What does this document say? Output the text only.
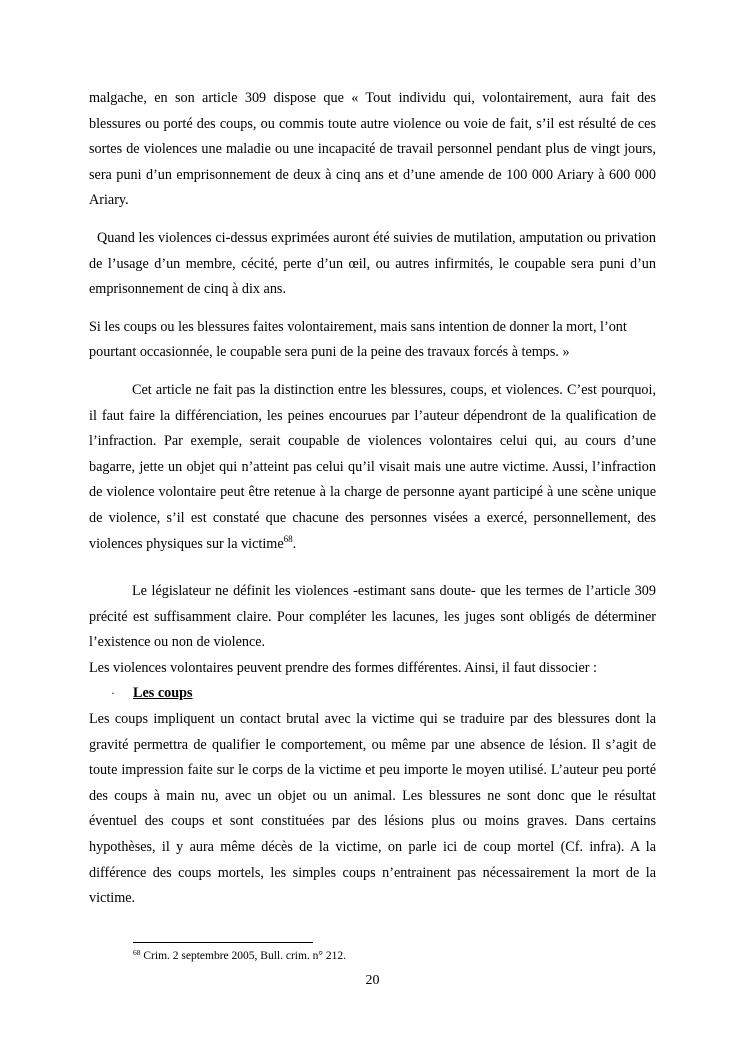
malgache, en son article 309 dispose que « Tout individu qui, volontairement, aura fait des blessures ou porté des coups, ou commis toute autre violence ou voie de fait, s’il est résulté de ces sortes de violences une maladie ou une incapacité de travail personnel pendant plus de vingt jours, sera puni d’un emprisonnement de deux à cinq ans et d’une amende de 100 000 Ariary à 600 000 Ariary.

Quand les violences ci-dessus exprimées auront été suivies de mutilation, amputation ou privation de l’usage d’un membre, cécité, perte d’un œil, ou autres infirmités, le coupable sera puni d’un emprisonnement de cinq à dix ans.

Si les coups ou les blessures faites volontairement, mais sans intention de donner la mort, l’ont pourtant occasionnée, le coupable sera puni de la peine des travaux forcés à temps. »

Cet article ne fait pas la distinction entre les blessures, coups, et violences. C’est pourquoi, il faut faire la différenciation, les peines encourues par l’auteur dépendront de la qualification de l’infraction. Par exemple, serait coupable de violences volontaires celui qui, au cours d’une bagarre, jette un objet qui n’atteint pas celui qu’il visait mais une autre victime. Aussi, l’infraction de violence volontaire peut être retenue à la charge de personne ayant participé à une scène unique de violence, s’il est constaté que chacune des personnes visées a exercé, personnellement, des violences physiques sur la victime$^{68}$.

Le législateur ne définit les violences -estimant sans doute- que les termes de l’article 309 précité est suffisamment claire. Pour compléter les lacunes, les juges sont obligés de déterminer l’existence ou non de violence.

Les violences volontaires peuvent prendre des formes différentes. Ainsi, il faut dissocier :

·	Les coups

Les coups impliquent un contact brutal avec la victime qui se traduire par des blessures dont la gravité permettra de qualifier le comportement, ou même par une absence de lésion. Il s’agit de toute impression faite sur le corps de la victime et peu importe le moyen utilisé. L’auteur peu porté des coups à main nu, avec un objet ou un animal. Les blessures ne sont donc que le résultat éventuel des coups et sont constituées par des lésions plus ou moins graves. Dans certains hypothèses, il y aura même décès de la victime, on parle ici de coup mortel (Cf. infra). A la différence des coups mortels, les simples coups n’entrainent pas nécessairement la mort de la victime.

$^{68}$ Crim. 2 septembre 2005, Bull. crim. n° 212.
20
